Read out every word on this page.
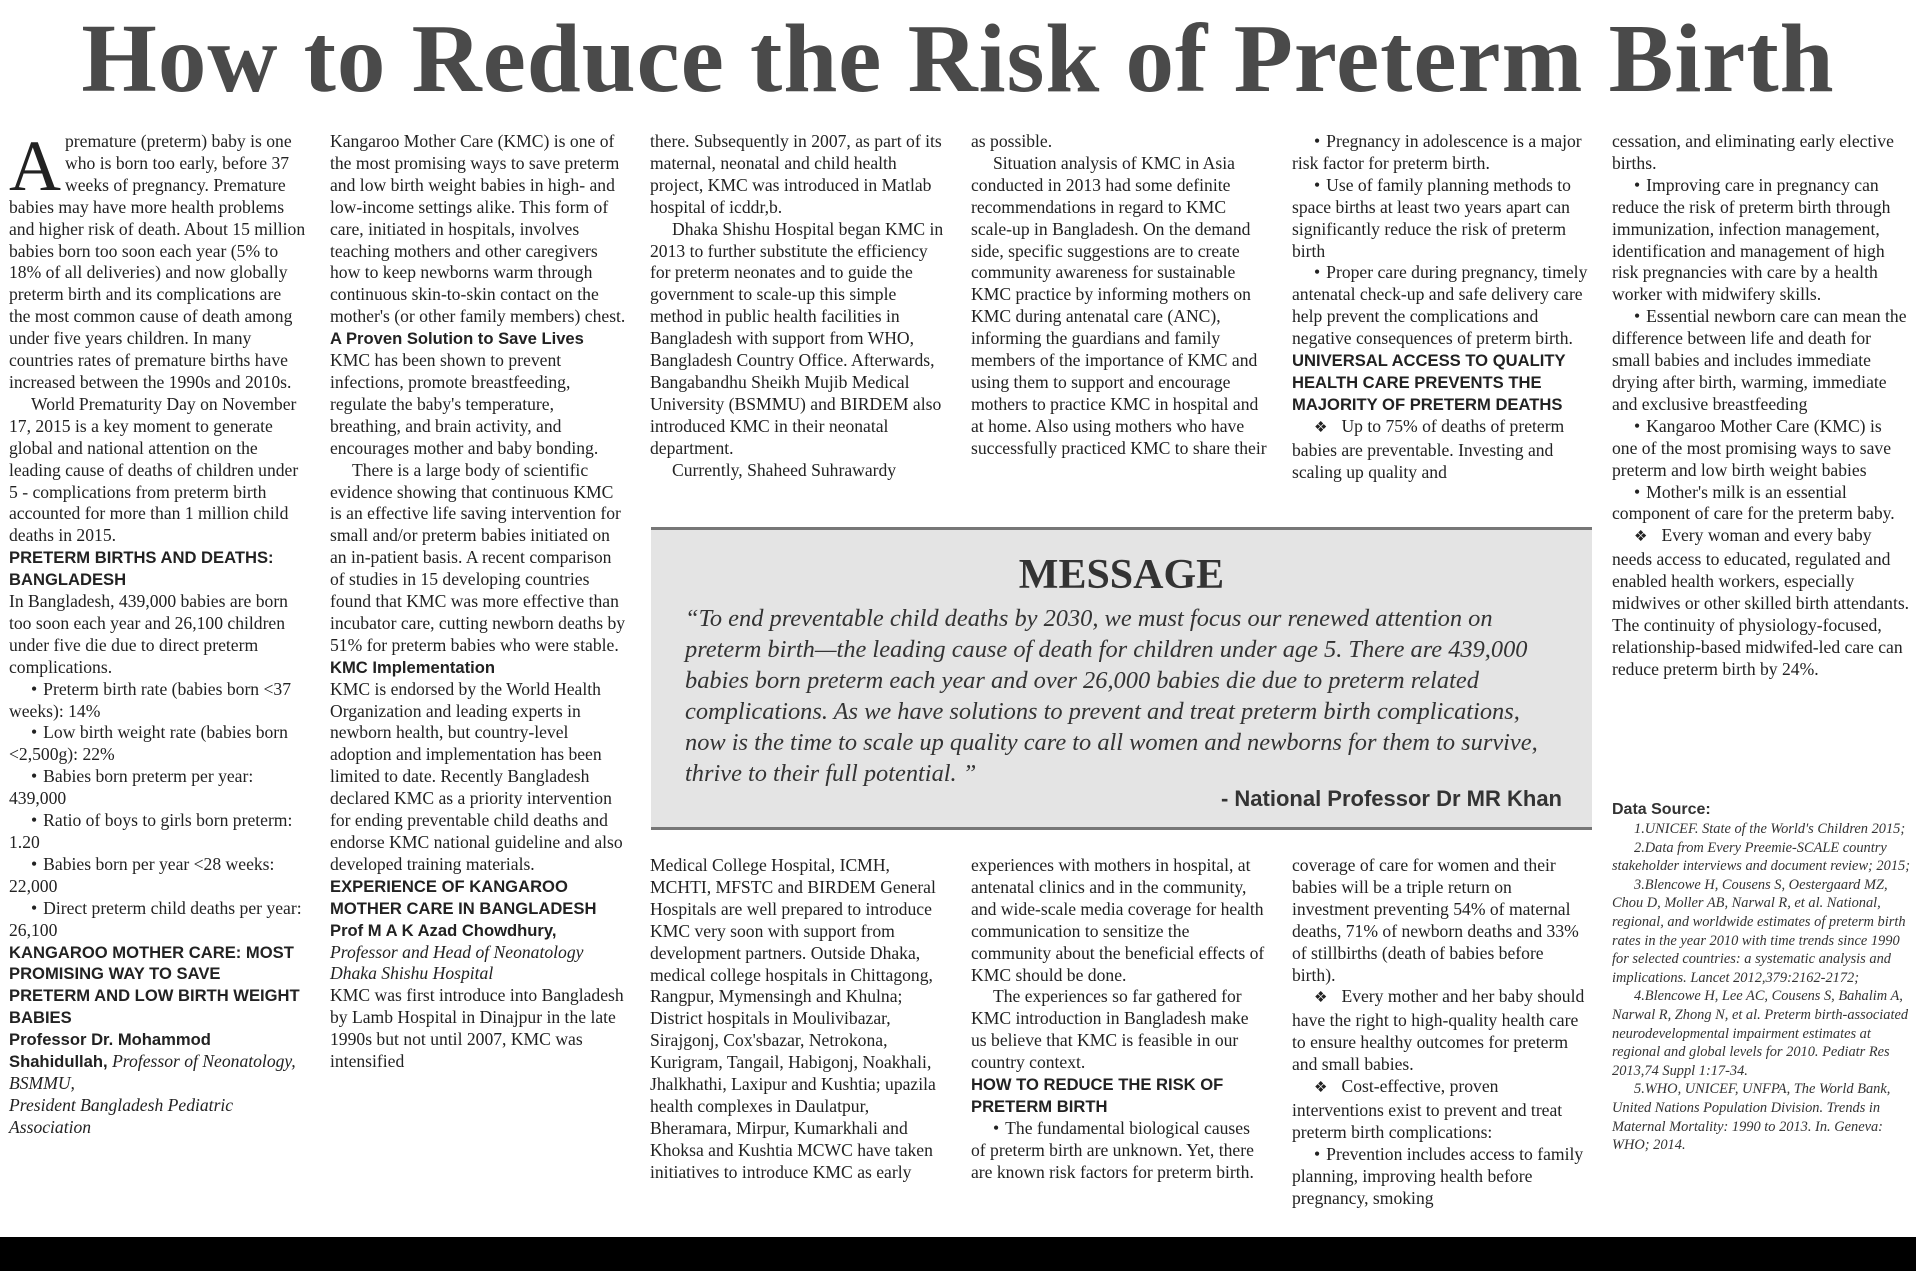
How to Reduce the Risk of Preterm Birth

Apremature (preterm) baby is one who is born too early, before 37 weeks of pregnancy. Premature babies may have more health problems and higher risk of death. About 15 million babies born too soon each year (5% to 18% of all deliveries) and now globally preterm birth and its complications are the most common cause of death among under five years children. In many countries rates of premature births have increased between the 1990s and 2010s.

World Prematurity Day on November 17, 2015 is a key moment to generate global and national attention on the leading cause of deaths of children under 5 - complications from preterm birth accounted for more than 1 million child deaths in 2015.

PRETERM BIRTHS AND DEATHS: BANGLADESH

In Bangladesh, 439,000 babies are born too soon each year and 26,100 children under five die due to direct preterm complications.

• Preterm birth rate (babies born <37 weeks): 14%

• Low birth weight rate (babies born <2,500g): 22%

• Babies born preterm per year: 439,000

• Ratio of boys to girls born preterm: 1.20

• Babies born per year <28 weeks: 22,000

• Direct preterm child deaths per year: 26,100

KANGAROO MOTHER CARE: MOST PROMISING WAY TO SAVE PRETERM AND LOW BIRTH WEIGHT BABIES

Professor Dr. Mohammod Shahidullah, Professor of Neonatology, BSMMU,
President Bangladesh Pediatric Association

Kangaroo Mother Care (KMC) is one of the most promising ways to save preterm and low birth weight babies in high- and low-income settings alike. This form of care, initiated in hospitals, involves teaching mothers and other caregivers how to keep newborns warm through continuous skin-to-skin contact on the mother's (or other family members) chest.

A Proven Solution to Save Lives

KMC has been shown to prevent infections, promote breastfeeding, regulate the baby's temperature, breathing, and brain activity, and encourages mother and baby bonding.

There is a large body of scientific evidence showing that continuous KMC is an effective life saving intervention for small and/or preterm babies initiated on an in-patient basis. A recent comparison of studies in 15 developing countries found that KMC was more effective than incubator care, cutting newborn deaths by 51% for preterm babies who were stable.

KMC Implementation

KMC is endorsed by the World Health Organization and leading experts in newborn health, but country-level adoption and implementation has been limited to date. Recently Bangladesh declared KMC as a priority intervention for ending preventable child deaths and endorse KMC national guideline and also developed training materials.

EXPERIENCE OF KANGAROO MOTHER CARE IN BANGLADESH

Prof M A K Azad Chowdhury,

Professor and Head of Neonatology

Dhaka Shishu Hospital

KMC was first introduce into Bangladesh by Lamb Hospital in Dinajpur in the late 1990s but not until 2007, KMC was intensified

there. Subsequently in 2007, as part of its maternal, neonatal and child health project, KMC was introduced in Matlab hospital of icddr,b.

Dhaka Shishu Hospital began KMC in 2013 to further substitute the efficiency for preterm neonates and to guide the government to scale-up this simple method in public health facilities in Bangladesh with support from WHO, Bangladesh Country Office. Afterwards, Bangabandhu Sheikh Mujib Medical University (BSMMU) and BIRDEM also introduced KMC in their neonatal department.

Currently, Shaheed Suhrawardy

as possible.

Situation analysis of KMC in Asia conducted in 2013 had some definite recommendations in regard to KMC scale-up in Bangladesh. On the demand side, specific suggestions are to create community awareness for sustainable KMC practice by informing mothers on KMC during antenatal care (ANC), informing the guardians and family members of the importance of KMC and using them to support and encourage mothers to practice KMC in hospital and at home. Also using mothers who have successfully practiced KMC to share their

• Pregnancy in adolescence is a major risk factor for preterm birth.

• Use of family planning methods to space births at least two years apart can significantly reduce the risk of preterm birth

• Proper care during pregnancy, timely antenatal check-up and safe delivery care help prevent the complications and negative consequences of preterm birth.

UNIVERSAL ACCESS TO QUALITY HEALTH CARE PREVENTS THE MAJORITY OF PRETERM DEATHS

❖ Up to 75% of deaths of preterm babies are preventable. Investing and scaling up quality and

cessation, and eliminating early elective births.

• Improving care in pregnancy can reduce the risk of preterm birth through immunization, infection management, identification and management of high risk pregnancies with care by a health worker with midwifery skills.

• Essential newborn care can mean the difference between life and death for small babies and includes immediate drying after birth, warming, immediate and exclusive breastfeeding

• Kangaroo Mother Care (KMC) is one of the most promising ways to save preterm and low birth weight babies

• Mother's milk is an essential component of care for the preterm baby.

❖ Every woman and every baby needs access to educated, regulated and enabled health workers, especially midwives or other skilled birth attendants. The continuity of physiology-focused, relationship-based midwifed-led care can reduce preterm birth by 24%.

MESSAGE

“To end preventable child deaths by 2030, we must focus our renewed attention on preterm birth—the leading cause of death for children under age 5. There are 439,000 babies born preterm each year and over 26,000 babies die due to preterm related complications. As we have solutions to prevent and treat preterm birth complications, now is the time to scale up quality care to all women and newborns for them to survive, thrive to their full potential. ”

- National Professor Dr MR Khan

Medical College Hospital, ICMH, MCHTI, MFSTC and BIRDEM General Hospitals are well prepared to introduce KMC very soon with support from development partners. Outside Dhaka, medical college hospitals in Chittagong, Rangpur, Mymensingh and Khulna; District hospitals in Moulivibazar, Sirajgonj, Cox'sbazar, Netrokona, Kurigram, Tangail, Habigonj, Noakhali, Jhalkhathi, Laxipur and Kushtia; upazila health complexes in Daulatpur, Bheramara, Mirpur, Kumarkhali and Khoksa and Kushtia MCWC have taken initiatives to introduce KMC as early

experiences with mothers in hospital, at antenatal clinics and in the community, and wide-scale media coverage for health communication to sensitize the community about the beneficial effects of KMC should be done.

The experiences so far gathered for KMC introduction in Bangladesh make us believe that KMC is feasible in our country context.

HOW TO REDUCE THE RISK OF PRETERM BIRTH

• The fundamental biological causes of preterm birth are unknown. Yet, there are known risk factors for preterm birth.

coverage of care for women and their babies will be a triple return on investment preventing 54% of maternal deaths, 71% of newborn deaths and 33% of stillbirths (death of babies before birth).

❖ Every mother and her baby should have the right to high-quality health care to ensure healthy outcomes for preterm and small babies.

❖ Cost-effective, proven interventions exist to prevent and treat preterm birth complications:

• Prevention includes access to family planning, improving health before pregnancy, smoking

Data Source:

1.UNICEF. State of the World's Children 2015;

2.Data from Every Preemie-SCALE country stakeholder interviews and document review; 2015;

3.Blencowe H, Cousens S, Oestergaard MZ, Chou D, Moller AB, Narwal R, et al. National, regional, and worldwide estimates of preterm birth rates in the year 2010 with time trends since 1990 for selected countries: a systematic analysis and implications. Lancet 2012,379:2162-2172;

4.Blencowe H, Lee AC, Cousens S, Bahalim A, Narwal R, Zhong N, et al. Preterm birth-associated neurodevelopmental impairment estimates at regional and global levels for 2010. Pediatr Res 2013,74 Suppl 1:17-34.

5.WHO, UNICEF, UNFPA, The World Bank, United Nations Population Division. Trends in Maternal Mortality: 1990 to 2013. In. Geneva: WHO; 2014.
